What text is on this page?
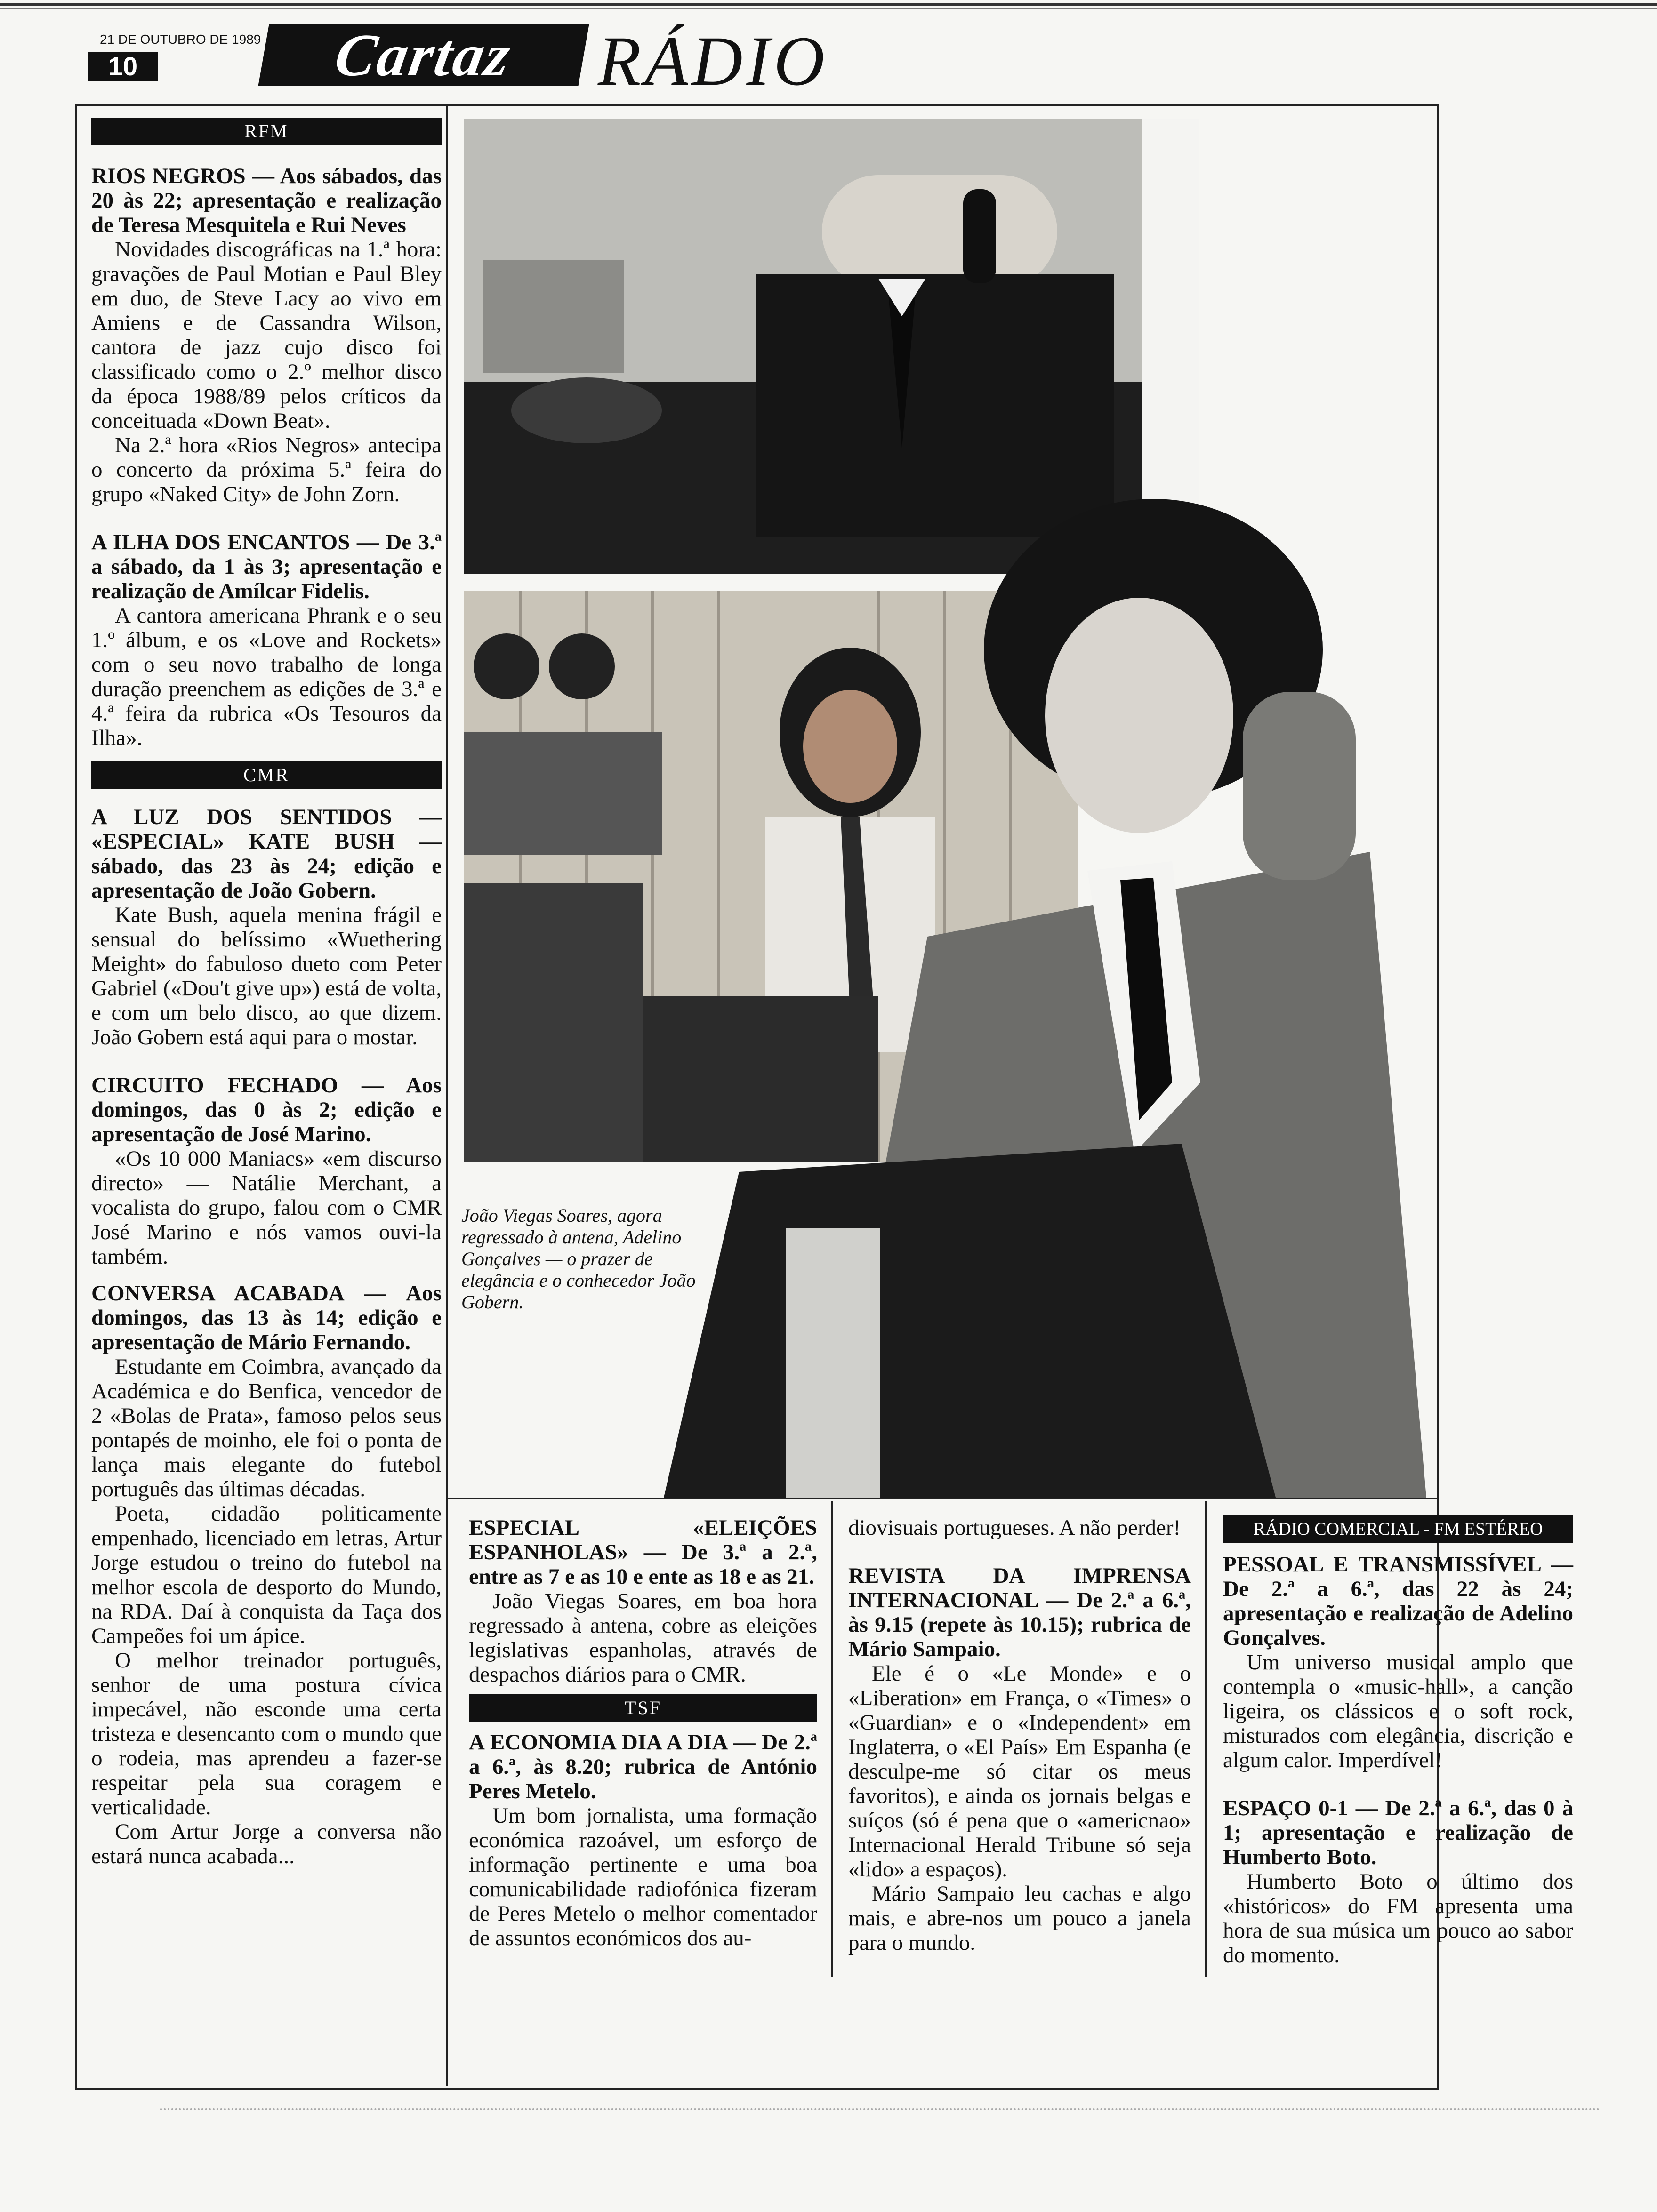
21 DE OUTUBRO DE 1989
10	Cartaz	RÁDIO
RFM

RIOS NEGROS — Aos sábados, das 20 às 22; apresentação e realização de Teresa Mesquitela e Rui Neves

Novidades discográficas na 1.ª hora: gravações de Paul Motian e Paul Bley em duo, de Steve Lacy ao vivo em Amiens e de Cassandra Wilson, cantora de jazz cujo disco foi classificado como o 2.º melhor disco da época 1988/89 pelos críticos da conceituada «Down Beat».

Na 2.ª hora «Rios Negros» antecipa o concerto da próxima 5.ª feira do grupo «Naked City» de John Zorn.

A ILHA DOS ENCANTOS — De 3.ª a sábado, da 1 às 3; apresentação e realização de Amílcar Fidelis.

A cantora americana Phrank e o seu 1.º álbum, e os «Love and Rockets» com o seu novo trabalho de longa duração preenchem as edições de 3.ª e 4.ª feira da rubrica «Os Tesouros da Ilha».

CMR

A LUZ DOS SENTIDOS — «ESPECIAL» KATE BUSH — sábado, das 23 às 24; edição e apresentação de João Gobern.

Kate Bush, aquela menina frágil e sensual do belíssimo «Wuethering Meight» do fabuloso dueto com Peter Gabriel («Dou't give up») está de volta, e com um belo disco, ao que dizem. João Gobern está aqui para o mostar.

CIRCUITO FECHADO — Aos domingos, das 0 às 2; edição e apresentação de José Marino.

«Os 10 000 Maniacs» «em discurso directo» — Natálie Merchant, a vocalista do grupo, falou com o CMR José Marino e nós vamos ouvi-la também.

CONVERSA ACABADA — Aos domingos, das 13 às 14; edição e apresentação de Mário Fernando.

Estudante em Coimbra, avançado da Académica e do Benfica, vencedor de 2 «Bolas de Prata», famoso pelos seus pontapés de moinho, ele foi o ponta de lança mais elegante do futebol português das últimas décadas.

Poeta, cidadão politicamente empenhado, licenciado em letras, Artur Jorge estudou o treino do futebol na melhor escola de desporto do Mundo, na RDA. Daí à conquista da Taça dos Campeões foi um ápice.

O melhor treinador português, senhor de uma postura cívica impecável, não esconde uma certa tristeza e desencanto com o mundo que o rodeia, mas aprendeu a fazer-se respeitar pela sua coragem e verticalidade.

Com Artur Jorge a conversa não estará nunca acabada...

João Viegas Soares, agora regressado à antena, Adelino Gonçalves — o prazer de elegância e o conhecedor João Gobern.

ESPECIAL «ELEIÇÕES ESPANHOLAS» — De 3.ª a 2.ª, entre as 7 e as 10 e ente as 18 e as 21.

João Viegas Soares, em boa hora regressado à antena, cobre as eleições legislativas espanholas, através de despachos diários para o CMR.

TSF

A ECONOMIA DIA A DIA — De 2.ª a 6.ª, às 8.20; rubrica de António Peres Metelo.

Um bom jornalista, uma formação económica razoável, um esforço de informação pertinente e uma boa comunicabilidade radiofónica fizeram de Peres Metelo o melhor comentador de assuntos económicos dos au-

diovisuais portugueses. A não perder!

REVISTA DA IMPRENSA INTERNACIONAL — De 2.ª a 6.ª, às 9.15 (repete às 10.15); rubrica de Mário Sampaio.

Ele é o «Le Monde» e o «Liberation» em França, o «Times» o «Guardian» e o «Independent» em Inglaterra, o «El País» Em Espanha (e desculpe-me só citar os meus favoritos), e ainda os jornais belgas e suíços (só é pena que o «americnao» Internacional Herald Tribune só seja «lido» a espaços).

Mário Sampaio leu cachas e algo mais, e abre-nos um pouco a janela para o mundo.

RÁDIO COMERCIAL - FM ESTÉREO

PESSOAL E TRANSMISSÍVEL — De 2.ª a 6.ª, das 22 às 24; apresentação e realização de Adelino Gonçalves.

Um universo musical amplo que contempla o «music-hall», a canção ligeira, os clássicos e o soft rock, misturados com elegância, discrição e algum calor. Imperdível!

ESPAÇO 0-1 — De 2.ª a 6.ª, das 0 à 1; apresentação e realização de Humberto Boto.

Humberto Boto o último dos «históricos» do FM apresenta uma hora de sua música um pouco ao sabor do momento.
